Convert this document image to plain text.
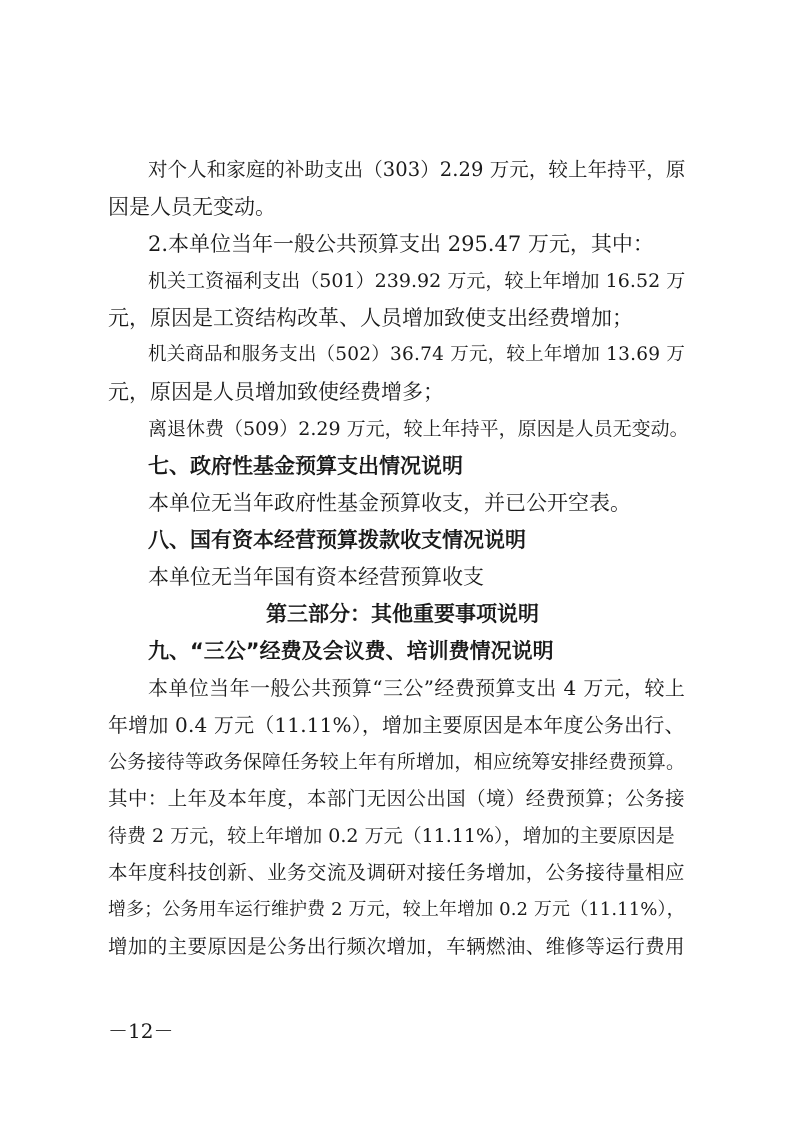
对个人和家庭的补助支出（303）2.29 万元，较上年持平，原
因是人员无变动。
2.本单位当年一般公共预算支出 295.47 万元，其中：
机关工资福利支出（501）239.92 万元，较上年增加 16.52 万
元，原因是工资结构改革、人员增加致使支出经费增加；
机关商品和服务支出（502）36.74 万元，较上年增加 13.69 万
元，原因是人员增加致使经费增多；
离退休费（509）2.29 万元，较上年持平，原因是人员无变动。
七、政府性基金预算支出情况说明
本单位无当年政府性基金预算收支，并已公开空表。
八、国有资本经营预算拨款收支情况说明
本单位无当年国有资本经营预算收支
第三部分：其他重要事项说明
九、“三公”经费及会议费、培训费情况说明
本单位当年一般公共预算“三公”经费预算支出 4 万元，较上
年增加 0.4 万元（11.11%），增加主要原因是本年度公务出行、
公务接待等政务保障任务较上年有所增加，相应统筹安排经费预算。
其中：上年及本年度，本部门无因公出国（境）经费预算；公务接
待费 2 万元，较上年增加 0.2 万元（11.11%），增加的主要原因是
本年度科技创新、业务交流及调研对接任务增加，公务接待量相应
增多；公务用车运行维护费 2 万元，较上年增加 0.2 万元（11.11%），
增加的主要原因是公务出行频次增加，车辆燃油、维修等运行费用
－12－
